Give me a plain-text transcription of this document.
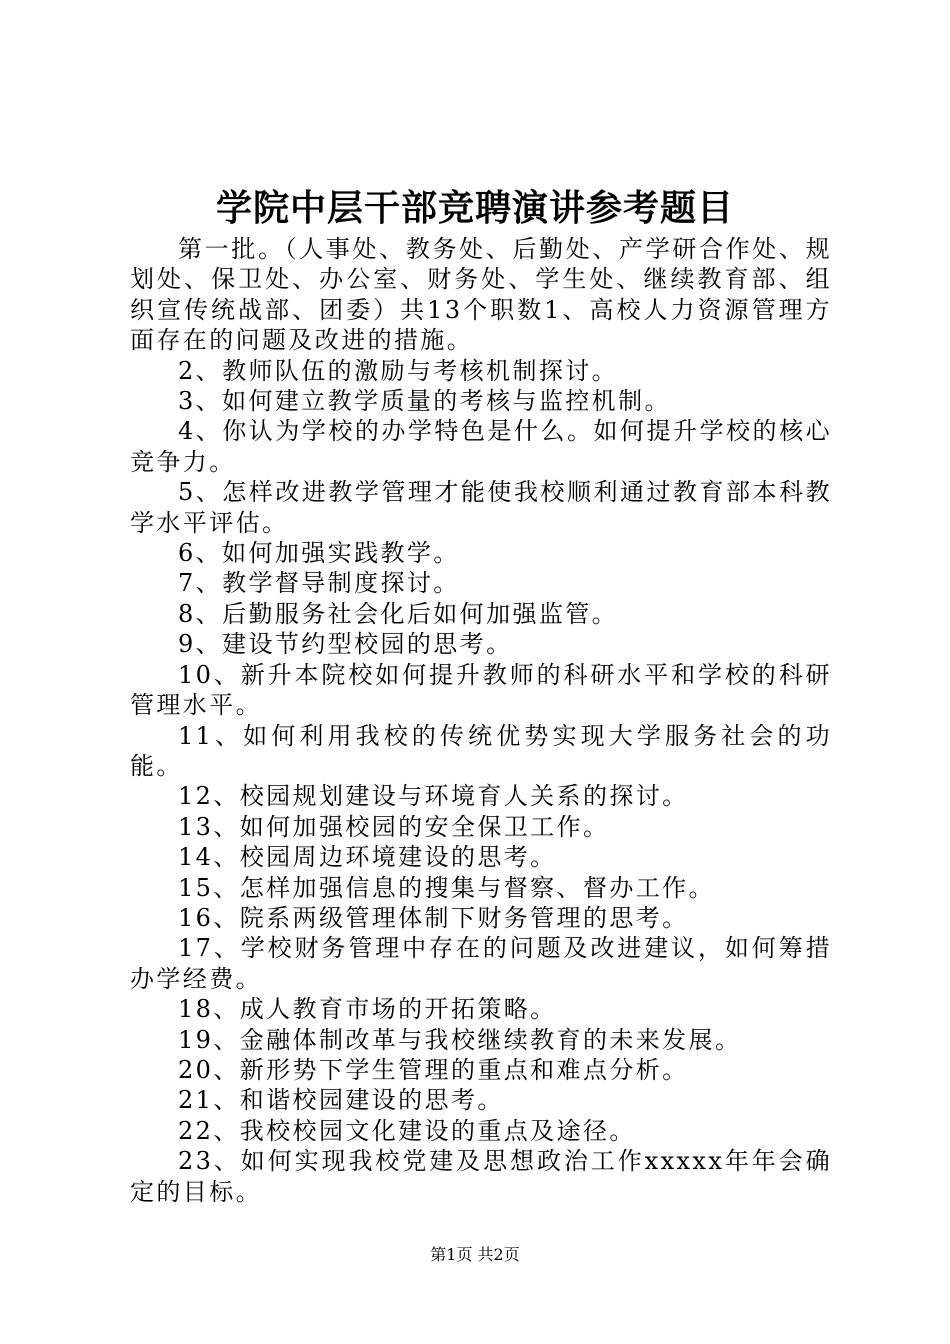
学院中层干部竞聘演讲参考题目

第一批。（人事处、教务处、后勤处、产学研合作处、规划处、保卫处、办公室、财务处、学生处、继续教育部、组织宣传统战部、团委）共13个职数1、高校人力资源管理方面存在的问题及改进的措施。

2、教师队伍的激励与考核机制探讨。

3、如何建立教学质量的考核与监控机制。

4、你认为学校的办学特色是什么。如何提升学校的核心竞争力。

5、怎样改进教学管理才能使我校顺利通过教育部本科教学水平评估。

6、如何加强实践教学。

7、教学督导制度探讨。

8、后勤服务社会化后如何加强监管。

9、建设节约型校园的思考。

10、新升本院校如何提升教师的科研水平和学校的科研管理水平。

11、如何利用我校的传统优势实现大学服务社会的功能。

12、校园规划建设与环境育人关系的探讨。

13、如何加强校园的安全保卫工作。

14、校园周边环境建设的思考。

15、怎样加强信息的搜集与督察、督办工作。

16、院系两级管理体制下财务管理的思考。

17、学校财务管理中存在的问题及改进建议，如何筹措办学经费。

18、成人教育市场的开拓策略。

19、金融体制改革与我校继续教育的未来发展。

20、新形势下学生管理的重点和难点分析。

21、和谐校园建设的思考。

22、我校校园文化建设的重点及途径。

23、如何实现我校党建及思想政治工作xxxxx年年会确定的目标。

第1页 共2页
